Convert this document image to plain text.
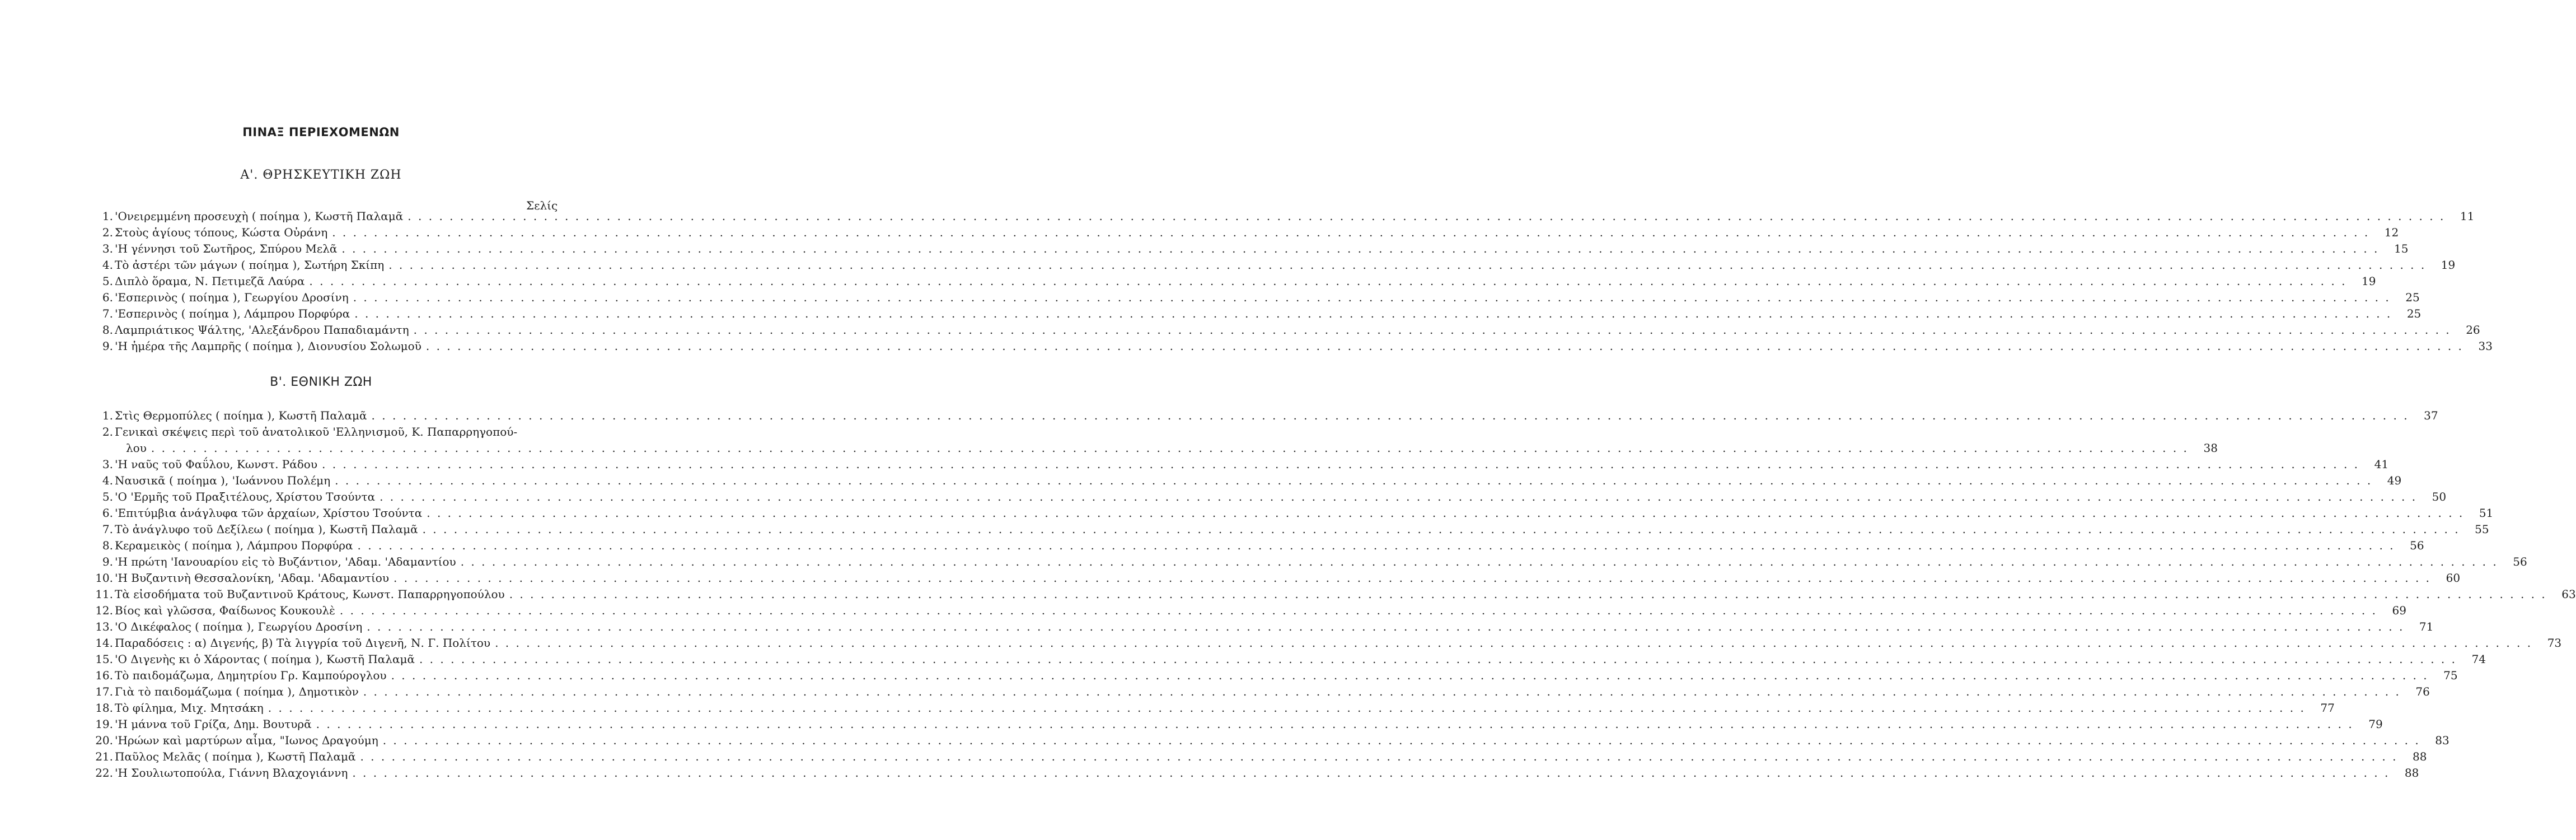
ΠΙΝΑΞ ΠΕΡΙΕΧΟΜΕΝΩΝ
Α'. ΘΡΗΣΚΕΥΤΙΚΗ ΖΩΗ
Σελίς
1. 'Ονειρεμμένη προσευχὴ ( ποίημα ), Κωστῆ Παλαμᾶ . . .	11
2. Στοὺς ἁγίους τόπους, Κώστα Οὐράνη . . .	12
3. 'Η γέννησι τοῦ Σωτῆρος, Σπύρου Μελᾶ . . .	15
4. Τὸ ἀστέρι τῶν μάγων ( ποίημα ), Σωτήρη Σκίπη . . .	19
5. Διπλὸ ὅραμα, Ν. Πετιμεζᾶ Λαύρα . . .	19
6. 'Εσπερινὸς ( ποίημα ), Γεωργίου Δροσίνη . . .	25
7. 'Εσπερινὸς ( ποίημα ), Λάμπρου Πορφύρα . . .	25
8. Λαμπριάτικος Ψάλτης, 'Αλεξάνδρου Παπαδιαμάντη . . .	26
9. 'Η ἡμέρα τῆς Λαμπρῆς ( ποίημα ), Διονυσίου Σολωμοῦ . . .	33
Β'. ΕΘΝΙΚΗ ΖΩΗ
1. Στὶς Θερμοπύλες ( ποίημα ), Κωστῆ Παλαμᾶ . . .	37
2. Γενικαὶ σκέψεις περὶ τοῦ ἀνατολικοῦ 'Ελληνισμοῦ, Κ. Παπαρρηγοπού-
λου . . .	38
3. 'Η ναῦς τοῦ Φαΰλου, Κωνστ. Ράδου . . .	41
4. Ναυσικᾶ ( ποίημα ), 'Ιωάννου Πολέμη . . .	49
5. 'Ο 'Ερμῆς τοῦ Πραξιτέλους, Χρίστου Τσούντα . . .	50
6. 'Επιτύμβια ἀνάγλυφα τῶν ἀρχαίων, Χρίστου Τσούντα . . .	51
7. Τὸ ἀνάγλυφο τοῦ Δεξίλεω ( ποίημα ), Κωστῆ Παλαμᾶ . . .	55
8. Κεραμεικὸς ( ποίημα ), Λάμπρου Πορφύρα . . .	56
9. 'Η πρώτη 'Ιανουαρίου εἰς τὸ Βυζάντιον, 'Αδαμ. 'Αδαμαντίου . . .	56
10. 'Η Βυζαντινὴ Θεσσαλονίκη, 'Αδαμ. 'Αδαμαντίου . . .	60
11. Τὰ εἰσοδήματα τοῦ Βυζαντινοῦ Κράτους, Κωνστ. Παπαρρηγοπούλου . . .	63
12. Βίος καὶ γλῶσσα, Φαίδωνος Κουκουλὲ . . .	69
13. 'Ο Δικέφαλος ( ποίημα ), Γεωργίου Δροσίνη . . .	71
14. Παραδόσεις : α) Διγενής, β) Τὰ λιγγρία τοῦ Διγενῆ, Ν. Γ. Πολίτου . . .	73
15. 'Ο Διγενὴς κι ὁ Χάροντας ( ποίημα ), Κωστῆ Παλαμᾶ . . .	74
16. Τὸ παιδομάζωμα, Δημητρίου Γρ. Καμπούρογλου . . .	75
17. Γιὰ τὸ παιδομάζωμα ( ποίημα ), Δημοτικὸν . . .	76
18. Τὸ φίλημα, Μιχ. Μητσάκη . . .	77
19. 'Η μάννα τοῦ Γρίζα, Δημ. Βουτυρᾶ . . .	79
20. 'Ηρώων καὶ μαρτύρων αἷμα, "Ιωνος Δραγούμη . . .	83
21. Παῦλος Μελᾶς ( ποίημα ), Κωστῆ Παλαμᾶ . . .	88
22. 'Η Σουλιωτοπούλα, Γιάννη Βλαχογιάννη . . .	88
